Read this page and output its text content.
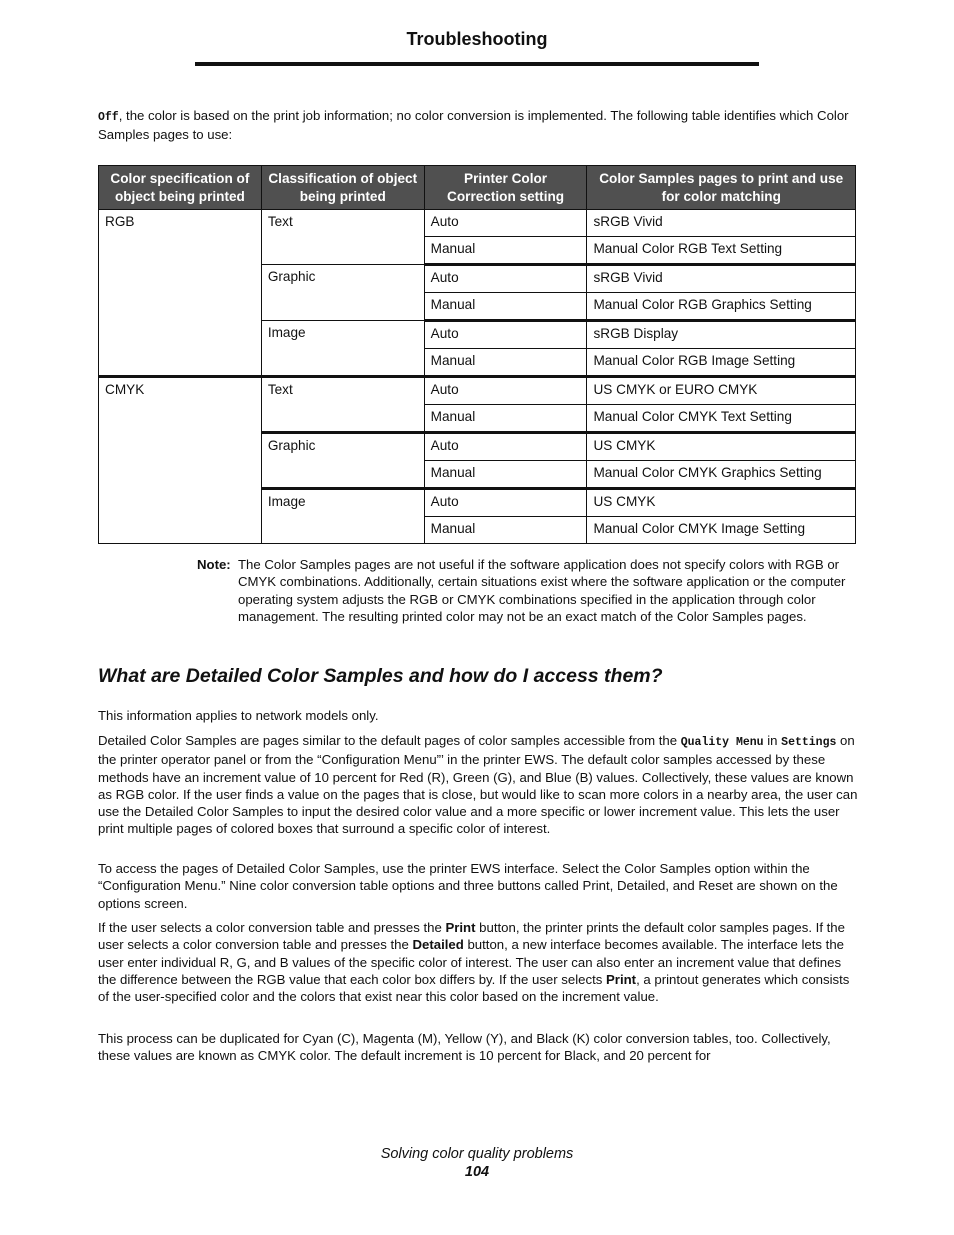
Troubleshooting

Off, the color is based on the print job information; no color conversion is implemented. The following table identifies which Color Samples pages to use:

Color specification of object being printed	Classification of object being printed	Printer Color Correction setting	Color Samples pages to print and use for color matching
RGB	Text	Auto	sRGB Vivid
		Manual	Manual Color RGB Text Setting
	Graphic	Auto	sRGB Vivid
		Manual	Manual Color RGB Graphics Setting
	Image	Auto	sRGB Display
		Manual	Manual Color RGB Image Setting
CMYK	Text	Auto	US CMYK or EURO CMYK
		Manual	Manual Color CMYK Text Setting
	Graphic	Auto	US CMYK
		Manual	Manual Color CMYK Graphics Setting
	Image	Auto	US CMYK
		Manual	Manual Color CMYK Image Setting
Note: The Color Samples pages are not useful if the software application does not specify colors with RGB or CMYK combinations. Additionally, certain situations exist where the software application or the computer operating system adjusts the RGB or CMYK combinations specified in the application through color management. The resulting printed color may not be an exact match of the Color Samples pages.

What are Detailed Color Samples and how do I access them?

This information applies to network models only.

Detailed Color Samples are pages similar to the default pages of color samples accessible from the Quality Menu in Settings on the printer operator panel or from the “Configuration Menu”’ in the printer EWS. The default color samples accessed by these methods have an increment value of 10 percent for Red (R), Green (G), and Blue (B) values. Collectively, these values are known as RGB color. If the user finds a value on the pages that is close, but would like to scan more colors in a nearby area, the user can use the Detailed Color Samples to input the desired color value and a more specific or lower increment value. This lets the user print multiple pages of colored boxes that surround a specific color of interest.

To access the pages of Detailed Color Samples, use the printer EWS interface. Select the Color Samples option within the “Configuration Menu.” Nine color conversion table options and three buttons called Print, Detailed, and Reset are shown on the options screen.

If the user selects a color conversion table and presses the Print button, the printer prints the default color samples pages. If the user selects a color conversion table and presses the Detailed button, a new interface becomes available. The interface lets the user enter individual R, G, and B values of the specific color of interest. The user can also enter an increment value that defines the difference between the RGB value that each color box differs by. If the user selects Print, a printout generates which consists of the user-specified color and the colors that exist near this color based on the increment value.

This process can be duplicated for Cyan (C), Magenta (M), Yellow (Y), and Black (K) color conversion tables, too. Collectively, these values are known as CMYK color. The default increment is 10 percent for Black, and 20 percent for

Solving color quality problems
104
